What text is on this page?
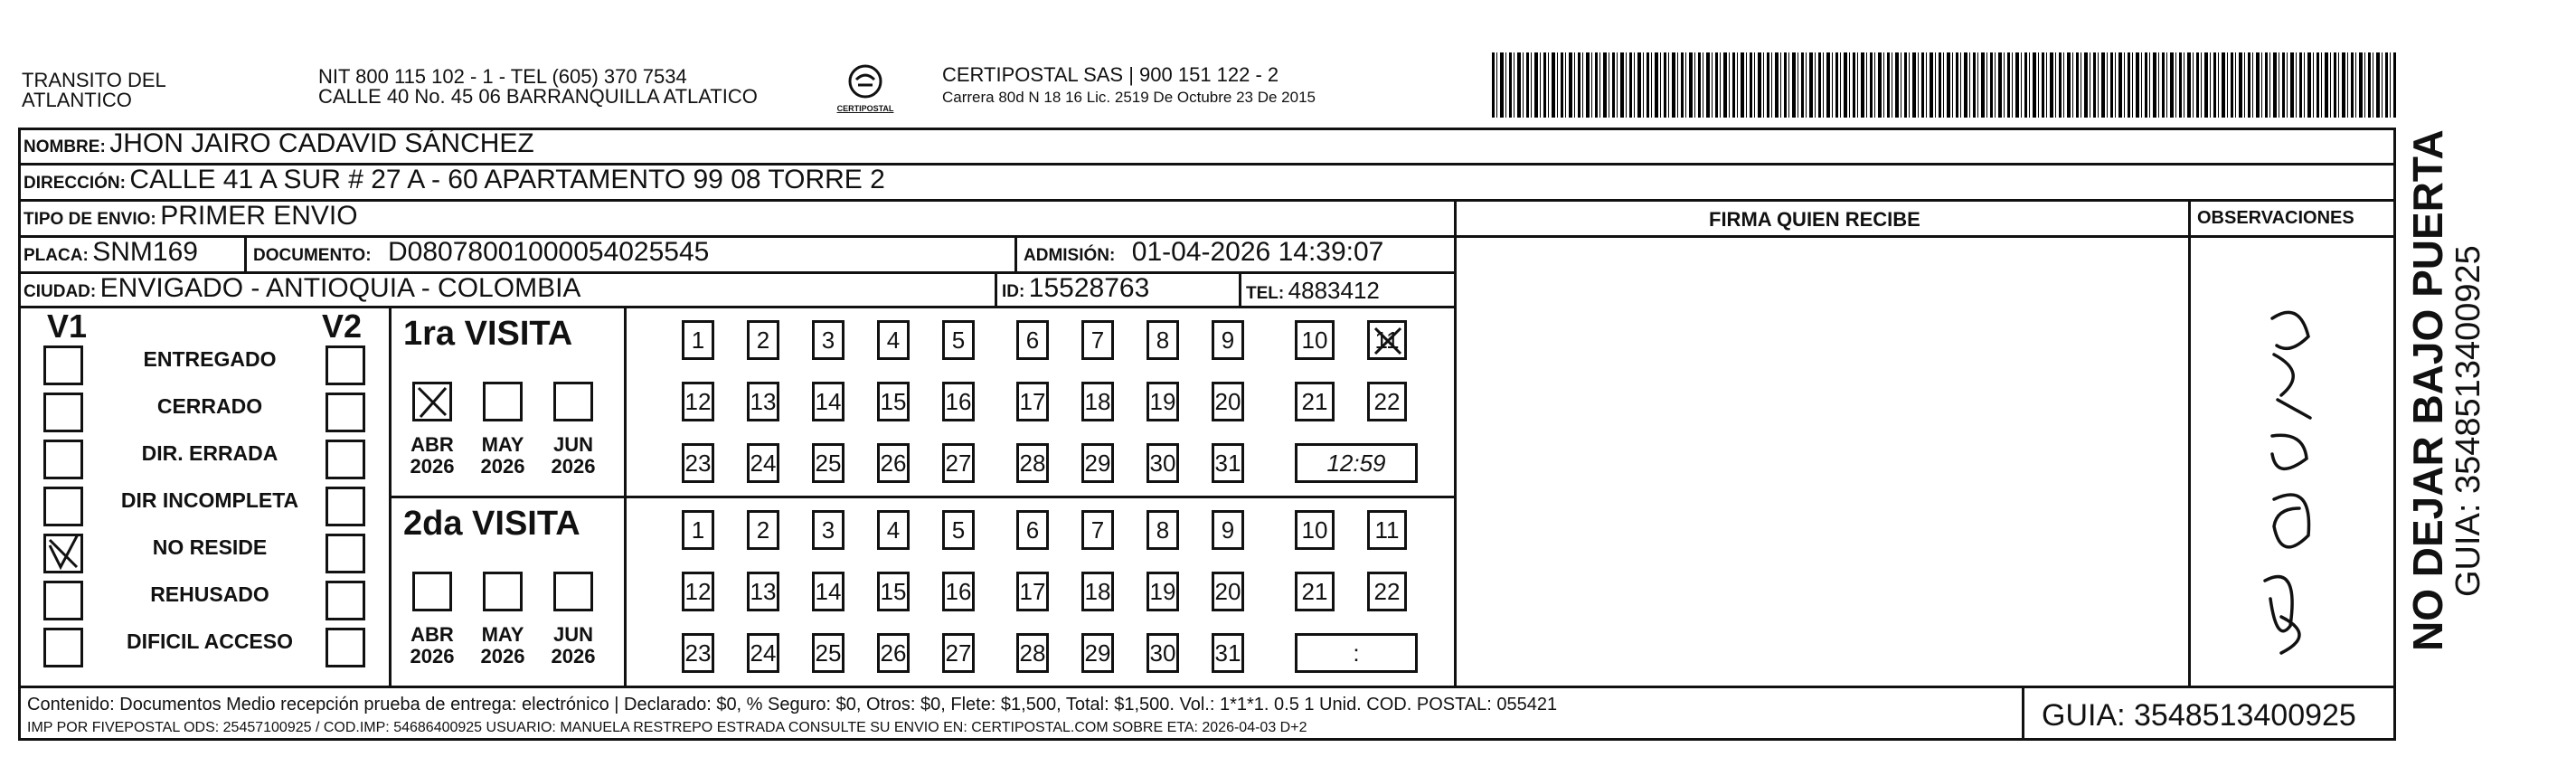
TRANSITO DEL
ATLANTICO
NIT 800 115 102 - 1 - TEL (605) 370 7534
CALLE 40 No. 45 06 BARRANQUILLA ATLATICO
CERTIPOSTAL
CERTIPOSTAL SAS | 900 151 122 - 2
Carrera 80d N 18 16 Lic. 2519 De Octubre 23 De 2015
NOMBRE: JHON JAIRO CADAVID SÁNCHEZ
DIRECCIÓN: CALLE 41 A SUR # 27 A - 60 APARTAMENTO 99 08 TORRE 2
TIPO DE ENVIO: PRIMER ENVIO	FIRMA QUIEN RECIBE	OBSERVACIONES
PLACA: SNM169	DOCUMENTO: D08078001000054025545	ADMISIÓN: 01-04-2026 14:39:07
CIUDAD: ENVIGADO - ANTIOQUIA - COLOMBIA	ID: 15528763	TEL: 4883412
V1	V2
ENTREGADO
CERRADO
DIR. ERRADA
DIR INCOMPLETA
NO RESIDE
REHUSADO
DIFICIL ACCESO
1ra VISITA
ABR
2026
MAY
2026
JUN
2026
1	2	3	4	5	6	7	8	9	10 11
12 13 14 15 16 17 18 19 20	21 22
23 24 25 26 27 28 29 30 31	12:59
2da VISITA
ABR
2026
MAY
2026
JUN
2026
1	2	3	4	5	6	7	8	9	10	11
12 13 14 15 16 17 18 19 20	21 22
23 24 25 26 27 28 29 30 31	:
Contenido: Documentos Medio recepción prueba de entrega: electrónico | Declarado: $0, % Seguro: $0, Otros: $0, Flete: $1,500, Total: $1,500. Vol.: 1*1*1. 0.5 1 Unid. COD. POSTAL: 055421
IMP POR FIVEPOSTAL ODS: 25457100925 / COD.IMP: 54686400925 USUARIO: MANUELA RESTREPO ESTRADA CONSULTE SU ENVIO EN: CERTIPOSTAL.COM SOBRE ETA: 2026-04-03 D+2	GUIA: 3548513400925
NO DEJAR BAJO PUERTA
GUIA: 3548513400925
